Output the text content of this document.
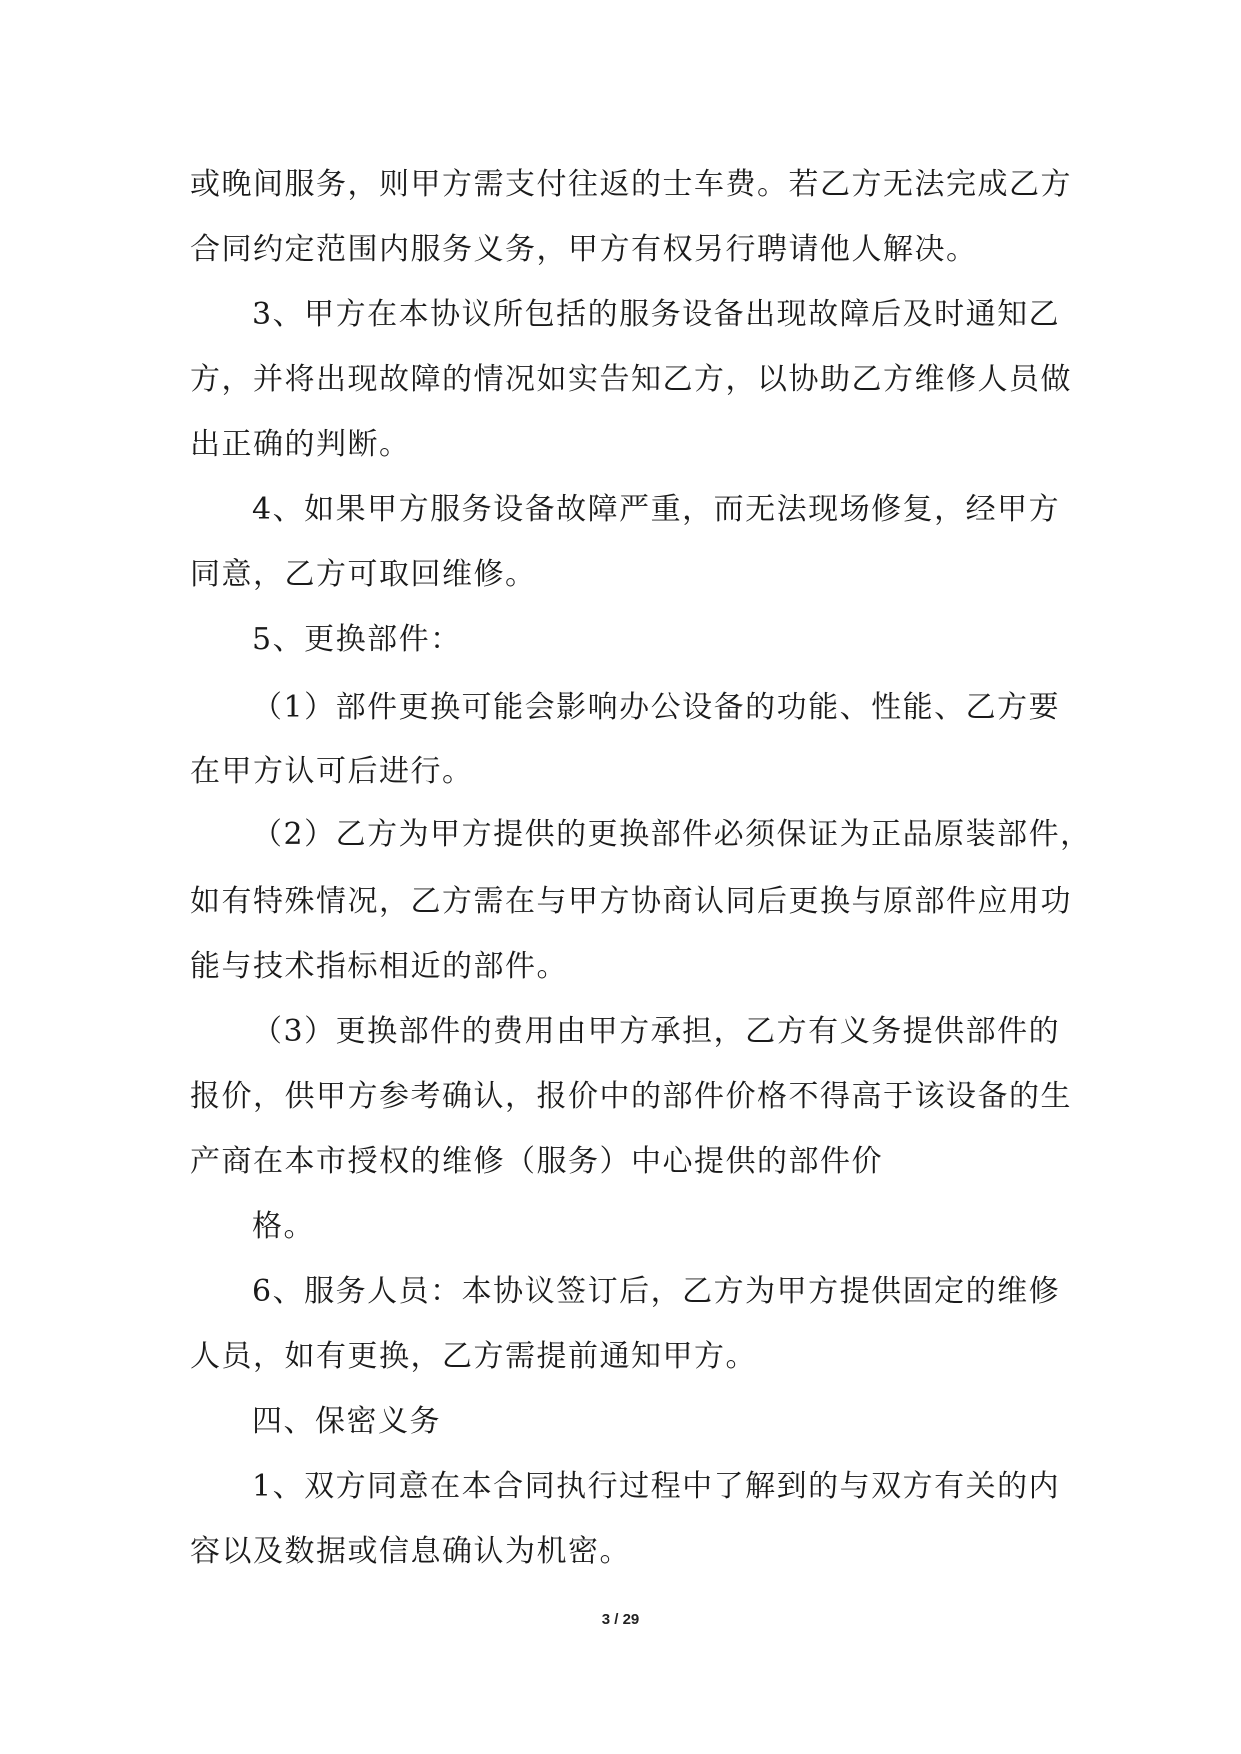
或晚间服务，则甲方需支付往返的士车费。若乙方无法完成乙方
合同约定范围内服务义务，甲方有权另行聘请他人解决。
3、甲方在本协议所包括的服务设备出现故障后及时通知乙
方，并将出现故障的情况如实告知乙方，以协助乙方维修人员做
出正确的判断。
4、如果甲方服务设备故障严重，而无法现场修复，经甲方
同意，乙方可取回维修。
5、更换部件：
（1）部件更换可能会影响办公设备的功能、性能、乙方要
在甲方认可后进行。
（2）乙方为甲方提供的更换部件必须保证为正品原装部件，
如有特殊情况，乙方需在与甲方协商认同后更换与原部件应用功
能与技术指标相近的部件。
（3）更换部件的费用由甲方承担，乙方有义务提供部件的
报价，供甲方参考确认，报价中的部件价格不得高于该设备的生
产商在本市授权的维修（服务）中心提供的部件价
格。
6、服务人员：本协议签订后，乙方为甲方提供固定的维修
人员，如有更换，乙方需提前通知甲方。
四、保密义务
1、双方同意在本合同执行过程中了解到的与双方有关的内
容以及数据或信息确认为机密。
3 / 29
